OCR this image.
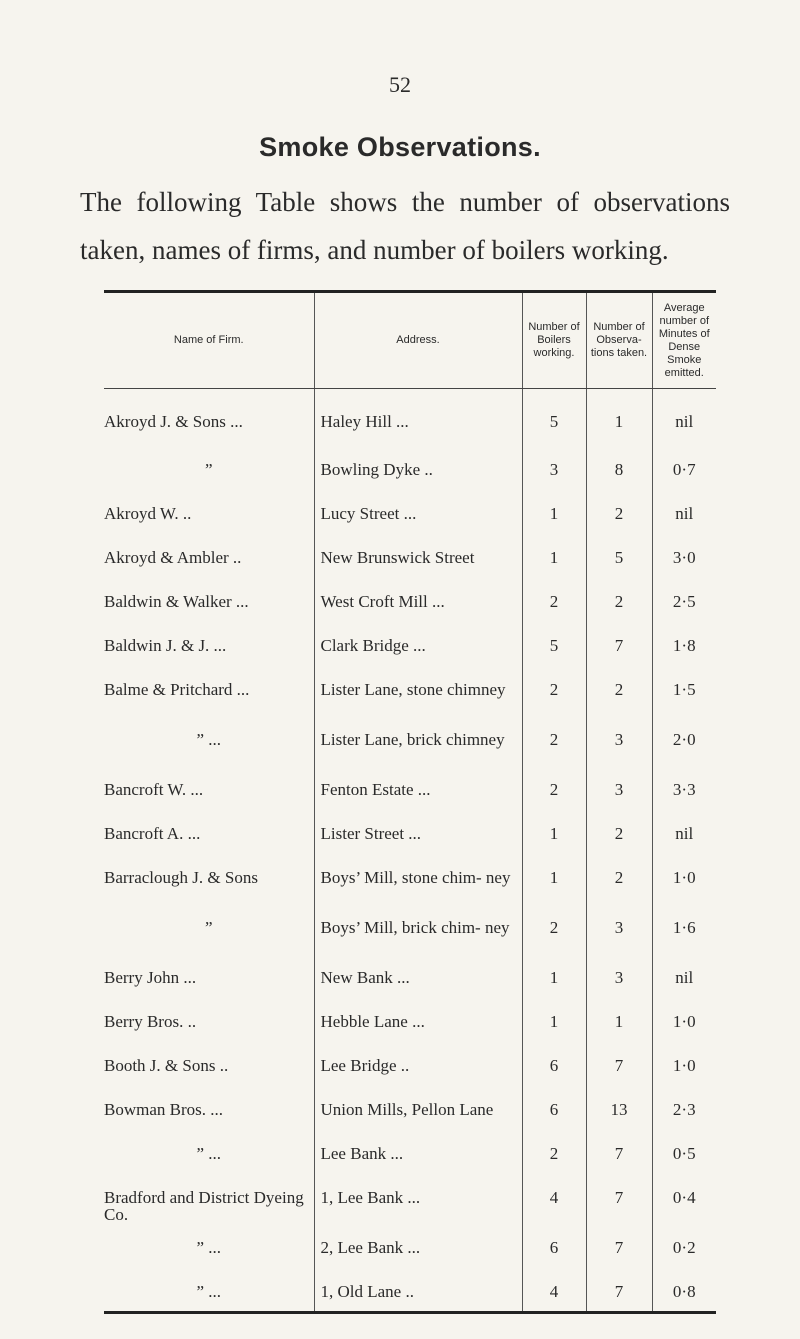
52
Smoke Observations.
The following Table shows the number of observations taken, names of firms, and number of boilers working.
Name of Firm.	Address.	Number of Boilers working.	Number of Observa- tions taken.	Average number of Minutes of Dense Smoke emitted.
Akroyd J. & Sons ...	Haley Hill ...	5	1	nil
”	Bowling Dyke ..	3	8	0·7
Akroyd W. ..	Lucy Street ...	1	2	nil
Akroyd & Ambler ..	New Brunswick Street	1	5	3·0
Baldwin & Walker ...	West Croft Mill ...	2	2	2·5
Baldwin J. & J. ...	Clark Bridge ...	5	7	1·8
Balme & Pritchard ...	Lister Lane, stone chimney	2	2	1·5
” ...	Lister Lane, brick chimney	2	3	2·0
Bancroft W. ...	Fenton Estate ...	2	3	3·3
Bancroft A. ...	Lister Street ...	1	2	nil
Barraclough J. & Sons	Boys’ Mill, stone chim- ney	1	2	1·0
”	Boys’ Mill, brick chim- ney	2	3	1·6
Berry John ...	New Bank ...	1	3	nil
Berry Bros. ..	Hebble Lane ...	1	1	1·0
Booth J. & Sons ..	Lee Bridge ..	6	7	1·0
Bowman Bros. ...	Union Mills, Pellon Lane	6	13	2·3
” ...	Lee Bank ...	2	7	0·5
Bradford and District Dyeing Co.	1, Lee Bank ...	4	7	0·4
” ...	2, Lee Bank ...	6	7	0·2
” ...	1, Old Lane ..	4	7	0·8
